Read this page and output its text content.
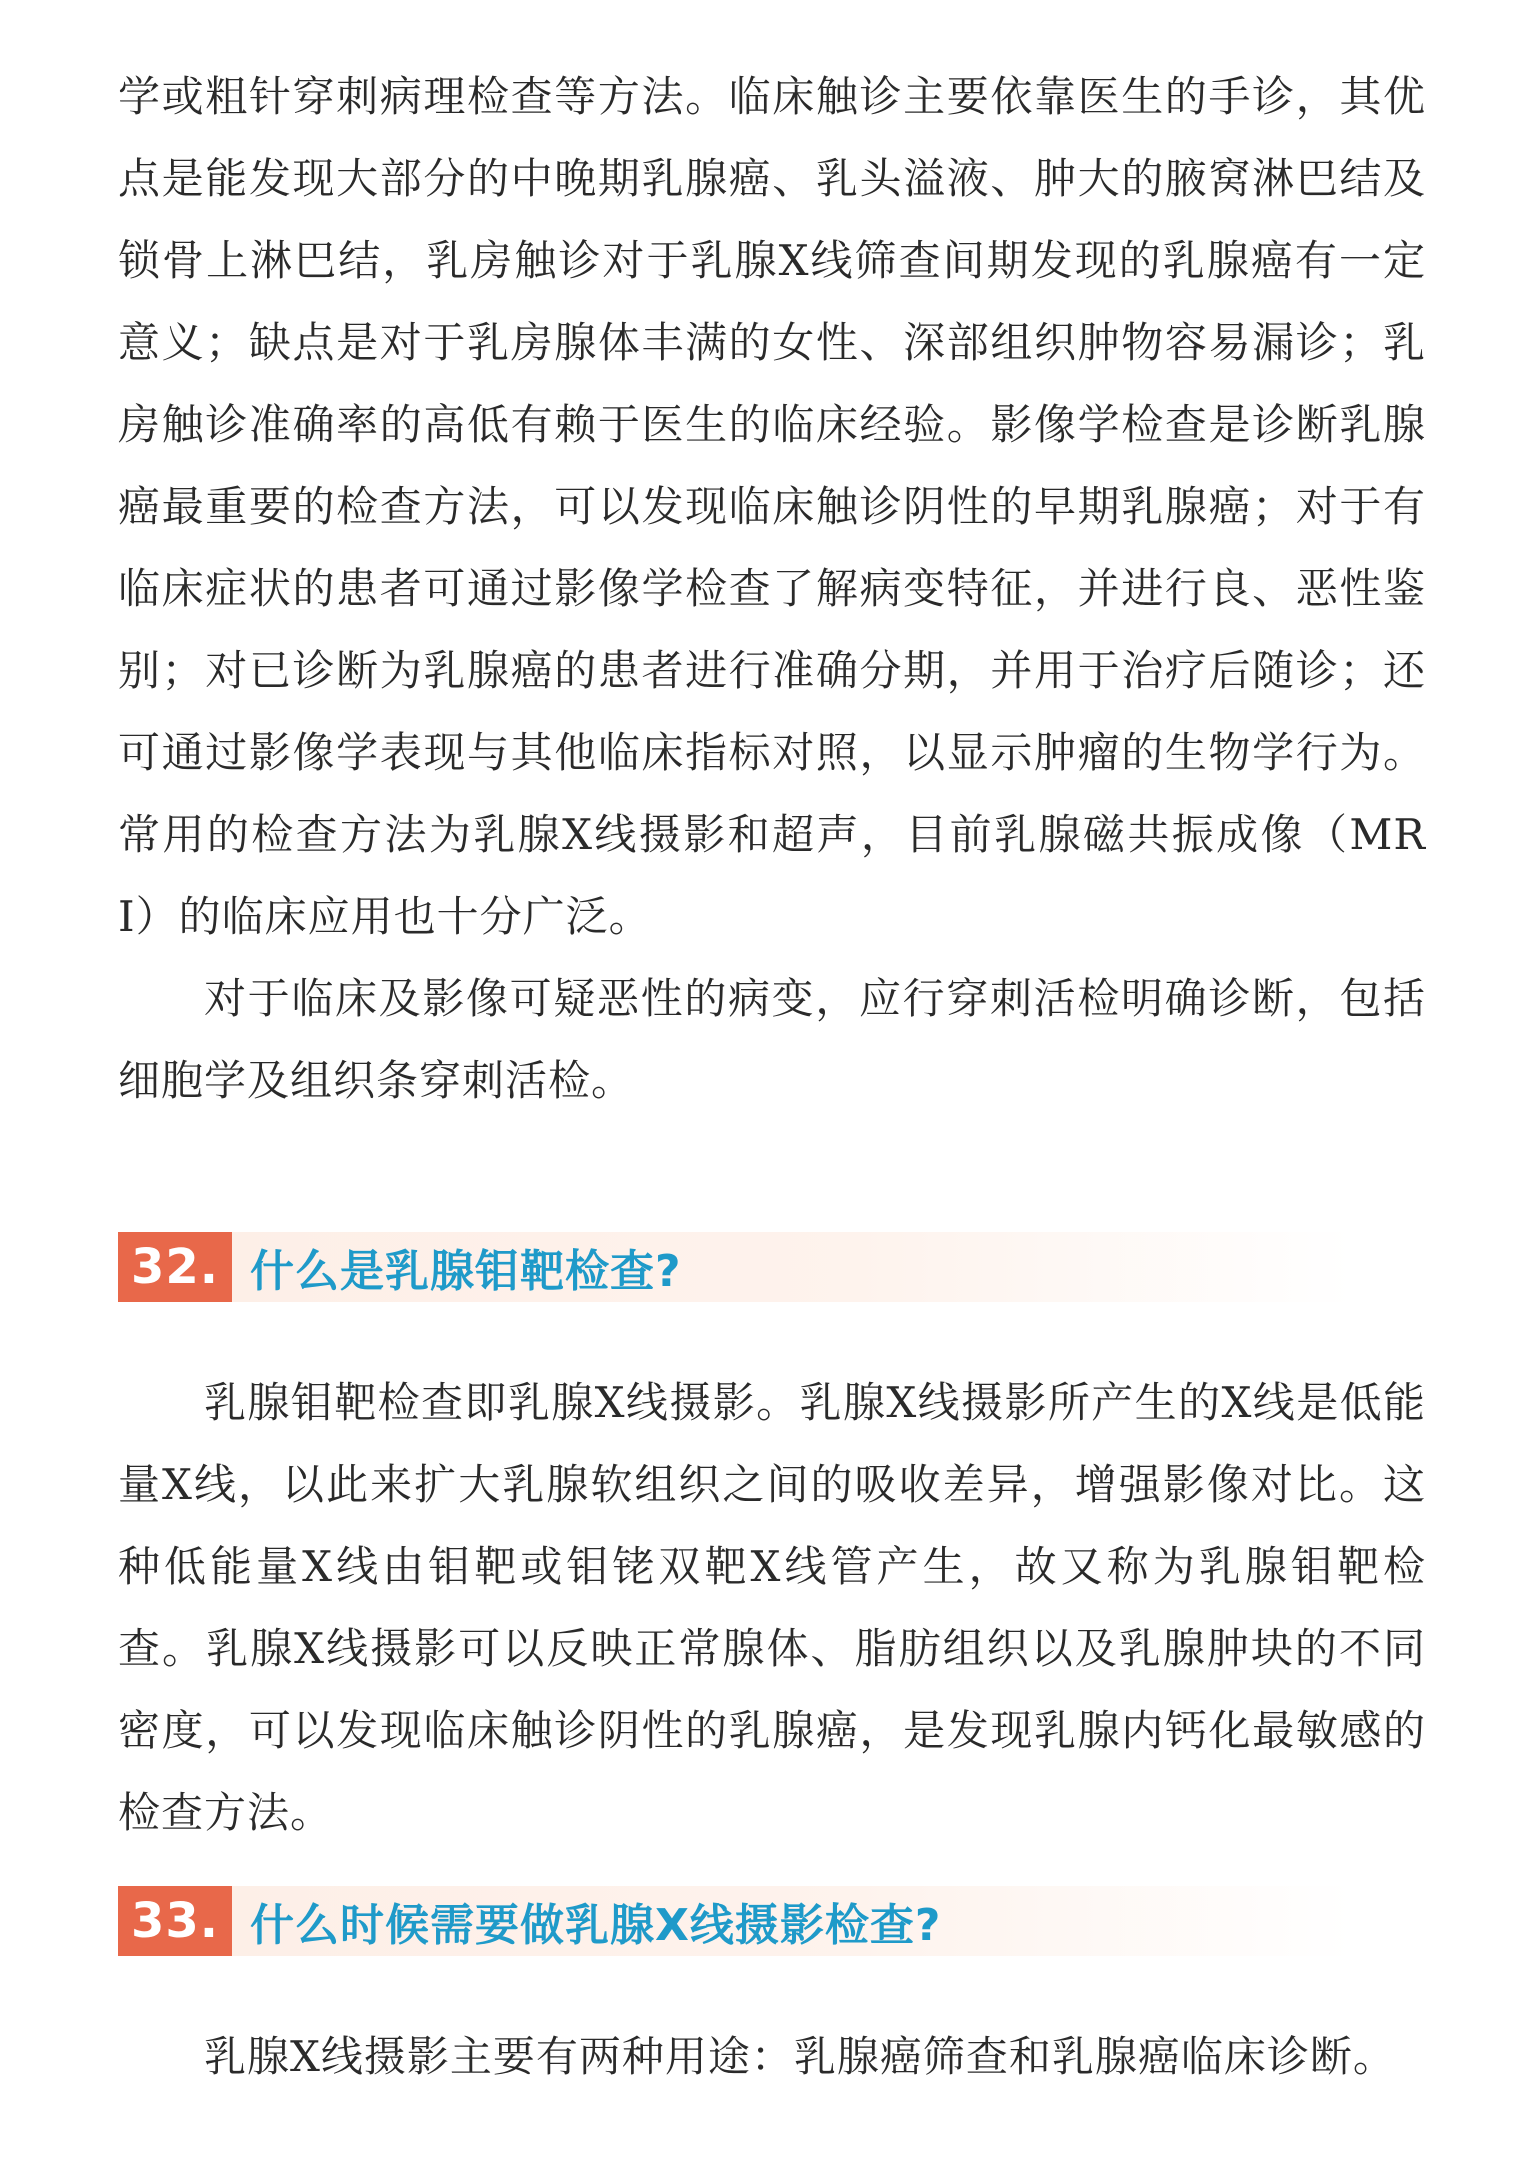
学或粗针穿刺病理检查等方法。临床触诊主要依靠医生的手诊，其优点是能发现大部分的中晚期乳腺癌、乳头溢液、肿大的腋窝淋巴结及锁骨上淋巴结，乳房触诊对于乳腺X线筛查间期发现的乳腺癌有一定意义；缺点是对于乳房腺体丰满的女性、深部组织肿物容易漏诊；乳房触诊准确率的高低有赖于医生的临床经验。影像学检查是诊断乳腺癌最重要的检查方法，可以发现临床触诊阴性的早期乳腺癌；对于有临床症状的患者可通过影像学检查了解病变特征，并进行良、恶性鉴别；对已诊断为乳腺癌的患者进行准确分期，并用于治疗后随诊；还可通过影像学表现与其他临床指标对照，以显示肿瘤的生物学行为。常用的检查方法为乳腺X线摄影和超声，目前乳腺磁共振成像（MRI）的临床应用也十分广泛。

对于临床及影像可疑恶性的病变，应行穿刺活检明确诊断，包括细胞学及组织条穿刺活检。

32. 什么是乳腺钼靶检查?

乳腺钼靶检查即乳腺X线摄影。乳腺X线摄影所产生的X线是低能量X线，以此来扩大乳腺软组织之间的吸收差异，增强影像对比。这种低能量X线由钼靶或钼铑双靶X线管产生，故又称为乳腺钼靶检查。乳腺X线摄影可以反映正常腺体、脂肪组织以及乳腺肿块的不同密度，可以发现临床触诊阴性的乳腺癌，是发现乳腺内钙化最敏感的检查方法。

33. 什么时候需要做乳腺X线摄影检查?

乳腺X线摄影主要有两种用途：乳腺癌筛查和乳腺癌临床诊断。
